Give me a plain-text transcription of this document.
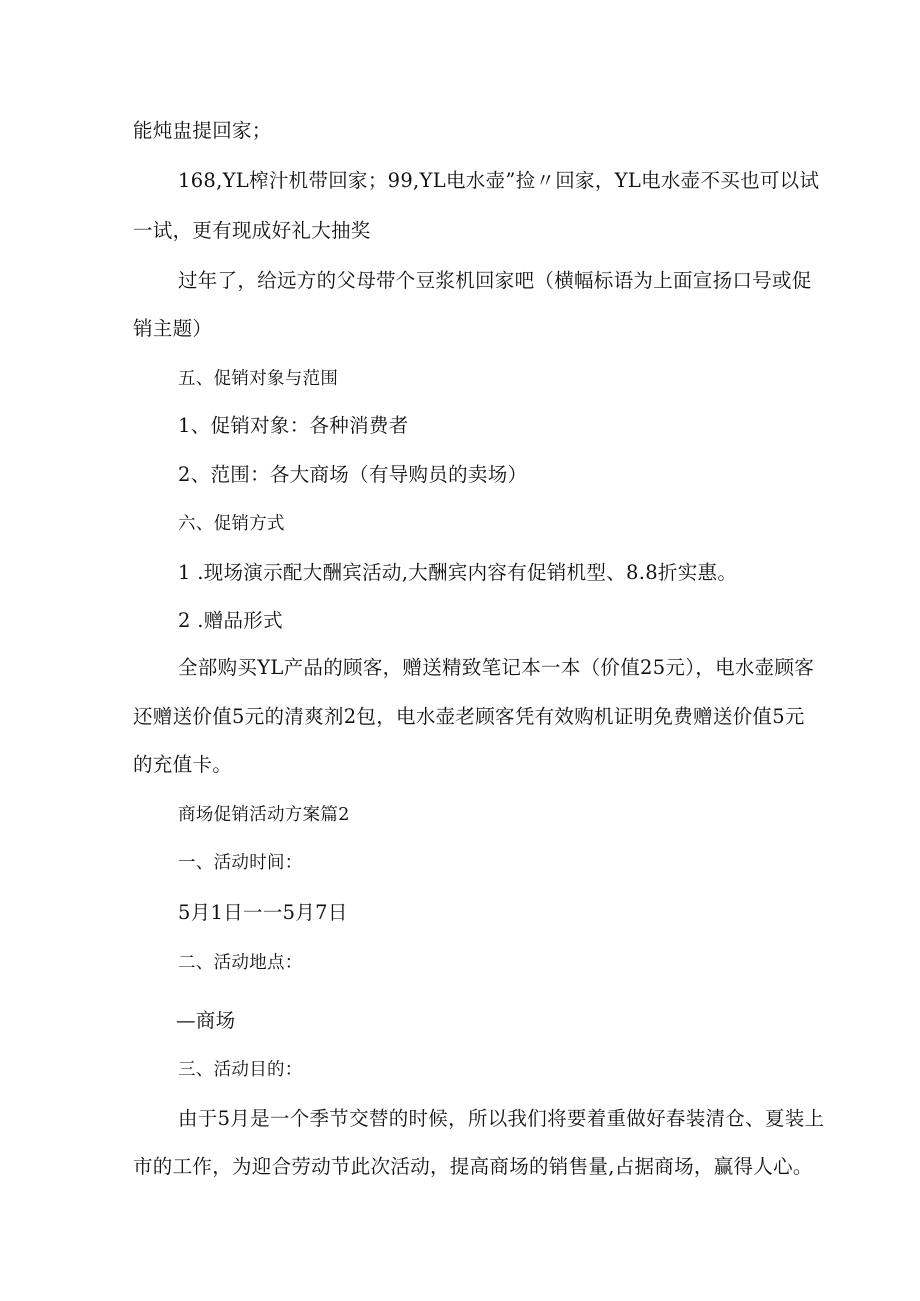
能炖盅提回家；

168,YL榨汁机带回家；99,YL电水壶”捡〃回家，YL电水壶不买也可以试

一试，更有现成好礼大抽奖

过年了，给远方的父母带个豆浆机回家吧（横幅标语为上面宣扬口号或促

销主题）

五、促销对象与范围

1、促销对象：各种消费者

2、范围：各大商场（有导购员的卖场）

六、促销方式

1 .现场演示配大酬宾活动,大酬宾内容有促销机型、8.8折实惠。

2 .赠品形式

全部购买YL产品的顾客，赠送精致笔记本一本（价值25元），电水壶顾客

还赠送价值5元的清爽剂2包，电水壶老顾客凭有效购机证明免费赠送价值5元

的充值卡。

商场促销活动方案篇2

一、活动时间：

5月1日一一5月7日

二、活动地点：

—商场

三、活动目的：

由于5月是一个季节交替的时候，所以我们将要着重做好春装清仓、夏装上

市的工作，为迎合劳动节此次活动，提高商场的销售量,占据商场，赢得人心。
